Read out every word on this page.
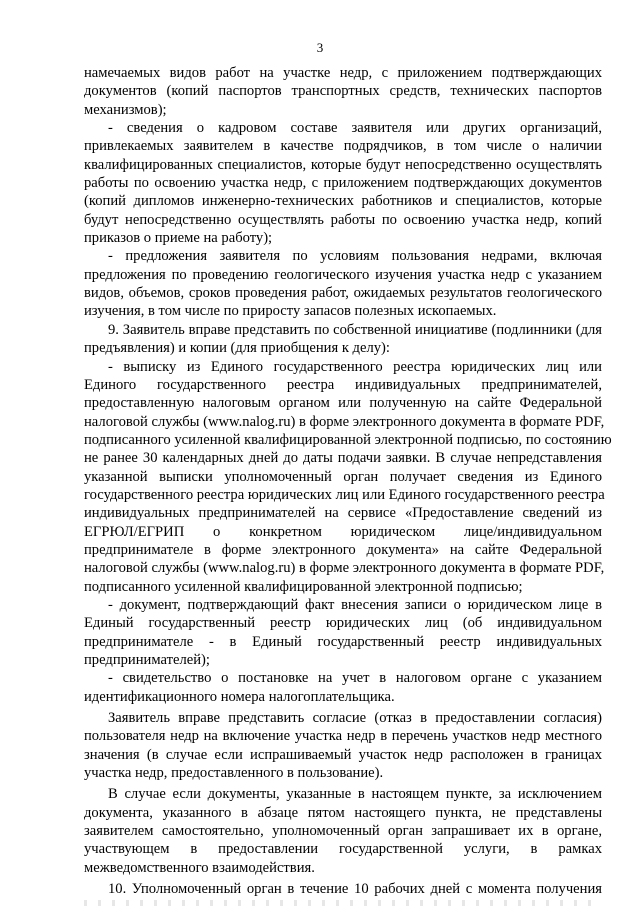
3
намечаемых видов работ на участке недр, с приложением подтверждающих
документов (копий паспортов транспортных средств, технических паспортов
механизмов);
- сведения о кадровом составе заявителя или других организаций,
привлекаемых заявителем в качестве подрядчиков, в том числе о наличии
квалифицированных специалистов, которые будут непосредственно осуществлять
работы по освоению участка недр, с приложением подтверждающих документов
(копий дипломов инженерно-технических работников и специалистов, которые
будут непосредственно осуществлять работы по освоению участка недр, копий
приказов о приеме на работу);
- предложения заявителя по условиям пользования недрами, включая
предложения по проведению геологического изучения участка недр с указанием
видов, объемов, сроков проведения работ, ожидаемых результатов геологического
изучения, в том числе по приросту запасов полезных ископаемых.
9. Заявитель вправе представить по собственной инициативе (подлинники (для
предъявления) и копии (для приобщения к делу):
- выписку из Единого государственного реестра юридических лиц или
Единого государственного реестра индивидуальных предпринимателей,
предоставленную налоговым органом или полученную на сайте Федеральной
налоговой службы (www.nalog.ru) в форме электронного документа в формате PDF,
подписанного усиленной квалифицированной электронной подписью, по состоянию
не ранее 30 календарных дней до даты подачи заявки. В случае непредставления
указанной выписки уполномоченный орган получает сведения из Единого
государственного реестра юридических лиц или Единого государственного реестра
индивидуальных предпринимателей на сервисе «Предоставление сведений из
ЕГРЮЛ/ЕГРИП о конкретном юридическом лице/индивидуальном
предпринимателе в форме электронного документа» на сайте Федеральной
налоговой службы (www.nalog.ru) в форме электронного документа в формате PDF,
подписанного усиленной квалифицированной электронной подписью;
- документ, подтверждающий факт внесения записи о юридическом лице в
Единый государственный реестр юридических лиц (об индивидуальном
предпринимателе - в Единый государственный реестр индивидуальных
предпринимателей);
- свидетельство о постановке на учет в налоговом органе с указанием
идентификационного номера налогоплательщика.
Заявитель вправе представить согласие (отказ в предоставлении согласия)
пользователя недр на включение участка недр в перечень участков недр местного
значения (в случае если испрашиваемый участок недр расположен в границах
участка недр, предоставленного в пользование).
В случае если документы, указанные в настоящем пункте, за исключением
документа, указанного в абзаце пятом настоящего пункта, не представлены
заявителем самостоятельно, уполномоченный орган запрашивает их в органе,
участвующем в предоставлении государственной услуги, в рамках
межведомственного взаимодействия.
10. Уполномоченный орган в течение 10 рабочих дней с момента получения
